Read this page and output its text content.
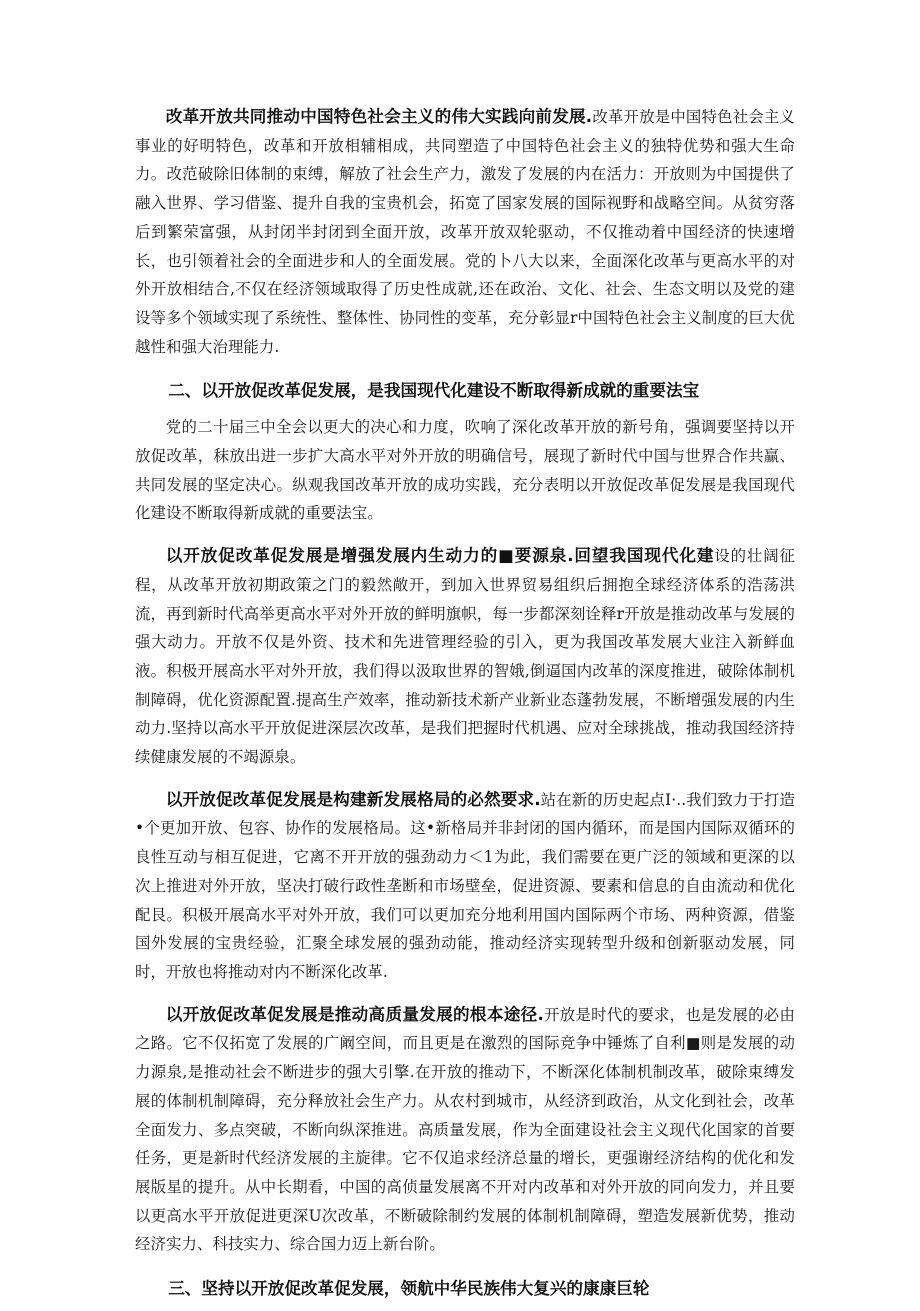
改革开放共同推动中国特色社会主义的伟大实践向前发展.改革开放是中国特色社会主义事业的好明特色，改革和开放相辅相成，共同塑造了中国特色社会主义的独特优势和强大生命力。改范破除旧体制的束缚，解放了社会生产力，激发了发展的内在活力：开放则为中国提供了融入世界、学习借鉴、提升自我的宝贵机会，拓宽了国家发展的国际视野和战略空间。从贫穷落后到繁荣富强，从封闭半封闭到全面开放，改革开放双轮驱动，不仅推动着中国经济的快速增长，也引领着社会的全面进步和人的全面发展。党的卜八大以来，全面深化改革与更高水平的对外开放相结合,不仅在经济领域取得了历史性成就,还在政治、文化、社会、生态文明以及党的建设等多个领域实现了系统性、整体性、协同性的变革，充分彰显r中国特色社会主义制度的巨大优越性和强大治理能力.

二、以开放促改革促发展，是我国现代化建设不断取得新成就的重要法宝

党的二十届三中全会以更大的决心和力度，吹响了深化改革开放的新号角，强调要坚持以开放促改革，秣放出进一步扩大高水平对外开放的明确信号，展现了新时代中国与世界合作共赢、共同发展的坚定决心。纵观我国改革开放的成功实践，充分表明以开放促改革促发展是我国现代化建设不断取得新成就的重要法宝。

以开放促改革促发展是增强发展内生动力的■要源泉.回望我国现代化建设的壮阔征程，从改革开放初期政策之门的毅然敞开，到加入世界贸易组织后拥抱全球经济体系的浩荡洪流，再到新时代高举更高水平对外开放的鲜明旗帜，每一步都深刻诠释r开放是推动改革与发展的强大动力。开放不仅是外资、技术和先进管理经验的引入，更为我国改革发展大业注入新鲜血液。积极开展高水平对外开放，我们得以汲取世界的智娥,倒逼国内改革的深度推进，破除体制机制障碍，优化资源配置.提高生产效率，推动新技术新产业新业态蓬勃发展，不断增强发展的内生动力.坚持以高水平开放促进深层次改革，是我们把握时代机遇、应对全球挑战，推动我国经济持续健康发展的不竭源泉。

以开放促改革促发展是构建新发展格局的必然要求.站在新的历史起点I·..我们致力于打造•个更加开放、包容、协作的发展格局。这•新格局并非封闭的国内循环，而是国内国际双循环的良性互动与相互促进，它离不开开放的强劲动力＜1为此，我们需要在更广泛的领域和更深的以次上推进对外开放，坚决打破行政性垄断和市场壁垒，促进资源、要素和信息的自由流动和优化配艮。积极开展高水平对外开放，我们可以更加充分地利用国内国际两个市场、两种资源，借鉴国外发展的宝贵经验，汇聚全球发展的强劲动能，推动经济实现转型升级和创新驱动发展，同时，开放也将推动对内不断深化改革.

以开放促改革促发展是推动高质量发展的根本途径.开放是时代的要求，也是发展的必由之路。它不仅拓宽了发展的广阚空间，而且更是在激烈的国际竞争中锤炼了自利■则是发展的动力源泉,是推动社会不断进步的强大引擎.在开放的推动下，不断深化体制机制改革，破除束缚发展的体制机制障碍，充分释放社会生产力。从农村到城市，从经济到政治，从文化到社会，改革全面发力、多点突破，不断向纵深推进。高质量发展，作为全面建设社会主义现代化国家的首要任务，更是新时代经济发展的主旋律。它不仅追求经济总量的增长，更强谢经济结构的优化和发展版星的提升。从中长期看，中国的高侦量发展离不开对内改革和对外开放的同向发力，并且要以更高水平开放促进更深U次改革，不断破除制约发展的体制机制障碍，塑造发展新优势，推动经济实力、科技实力、综合国力迈上新台阶。

三、坚持以开放促改革促发展，领航中华民族伟大复兴的康康巨轮
